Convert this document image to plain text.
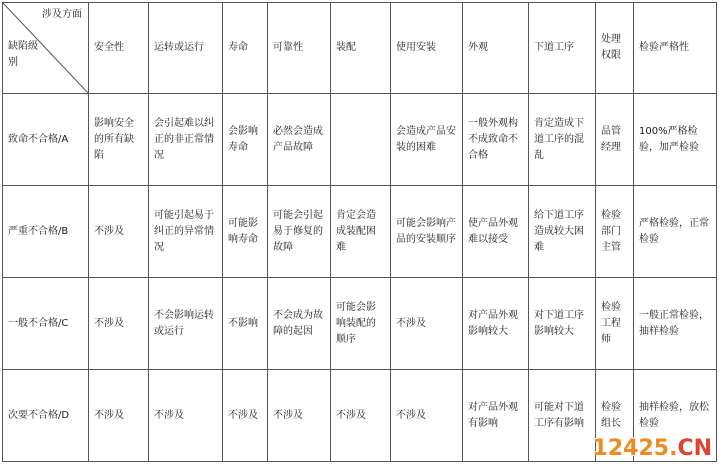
涉及方面
缺陷级别	安全性	运转或运行	寿命	可靠性	装配	使用安装	外观	下道工序	处理权限	检验严格性
致命不合格/A	影响安全的所有缺陷	会引起难以纠正的非正常情况	会影响寿命	必然会造成产品故障		会造成产品安装的困难	一般外观构不成致命不合格	肯定造成下道工序的混乱	品管经理	100%严格检验，加严检验
严重不合格/B	不涉及	可能引起易于纠正的异常情况	可能影响寿命	可能会引起易于修复的故障	肯定会造成装配困难	可能会影响产品的安装顺序	使产品外观难以接受	给下道工序造成较大困难	检验部门主管	严格检验，正常检验
一般不合格/C	不涉及	不会影响运转或运行	不影响	不会成为故障的起因	可能会影响装配的顺序	不涉及	对产品外观影响较大	对下道工序影响较大	检验工程师	一般正常检验，抽样检验
次要不合格/D	不涉及	不涉及	不涉及	不涉及	不涉及	不涉及	对产品外观有影响	可能对下道工序有影响	检验组长	抽样检验，放松检验
12425.CN
